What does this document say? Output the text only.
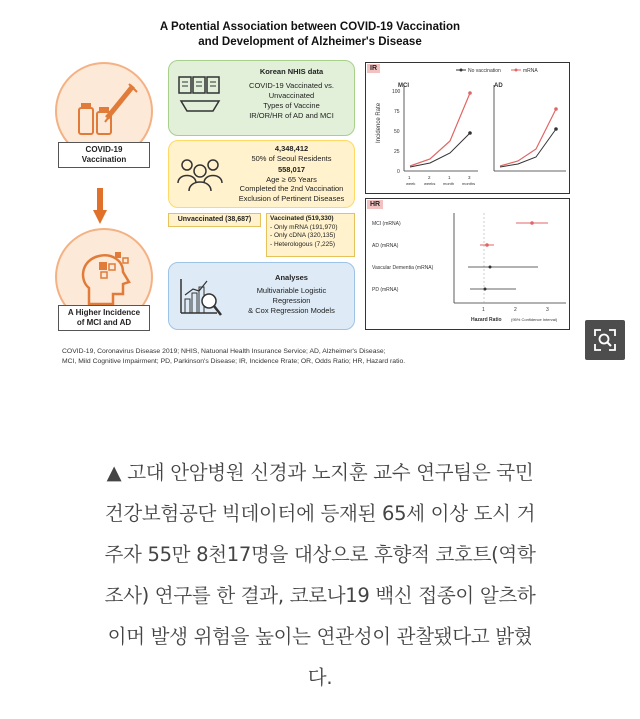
A Potential Association between COVID-19 Vaccination
and Development of Alzheimer's Disease
COVID-19
Vaccination
A Higher Incidence
of MCI and AD
Korean NHIS data
COVID-19 Vaccinated vs.
Unvaccinated
Types of Vaccine
IR/OR/HR of AD and MCI
4,348,412
50% of Seoul Residents
558,017
Age ≥ 65 Years
Completed the 2nd Vaccination
Exclusion of Pertinent Diseases
Unvaccinated (38,687)	Vaccinated (519,330)
- Only mRNA (191,970)
- Only cDNA (320,135)
- Heterologous (7,225)
Analyses
Multivariable Logistic
Regression
& Cox Regression Models
IR	No vaccination	mRNA
Incidence Rate
MCI
100
75
50
25
0
1	2	1	3
week weeks month months
AD
HR
MCI (mRNA)
AD (mRNA)
Vascular Dementia (mRNA)
PD (mRNA)
1	2	3
Hazard Ratio (95% Confidence Interval)
COVID-19, Coronavirus Disease 2019; NHIS, Natuonal Health Insurance Service; AD, Alzheimer's Disease;
MCI, Mild Cognitive Impairment; PD, Parkinson's Disease; IR, Incidence Rrate; OR, Odds Ratio; HR, Hazard ratio.
▲ 고대 안암병원 신경과 노지훈 교수 연구팀은 국민
건강보험공단 빅데이터에 등재된 65세 이상 도시 거
주자 55만 8천17명을 대상으로 후향적 코호트(역학
조사) 연구를 한 결과, 코로나19 백신 접종이 알츠하
이머 발생 위험을 높이는 연관성이 관찰됐다고 밝혔
다.
